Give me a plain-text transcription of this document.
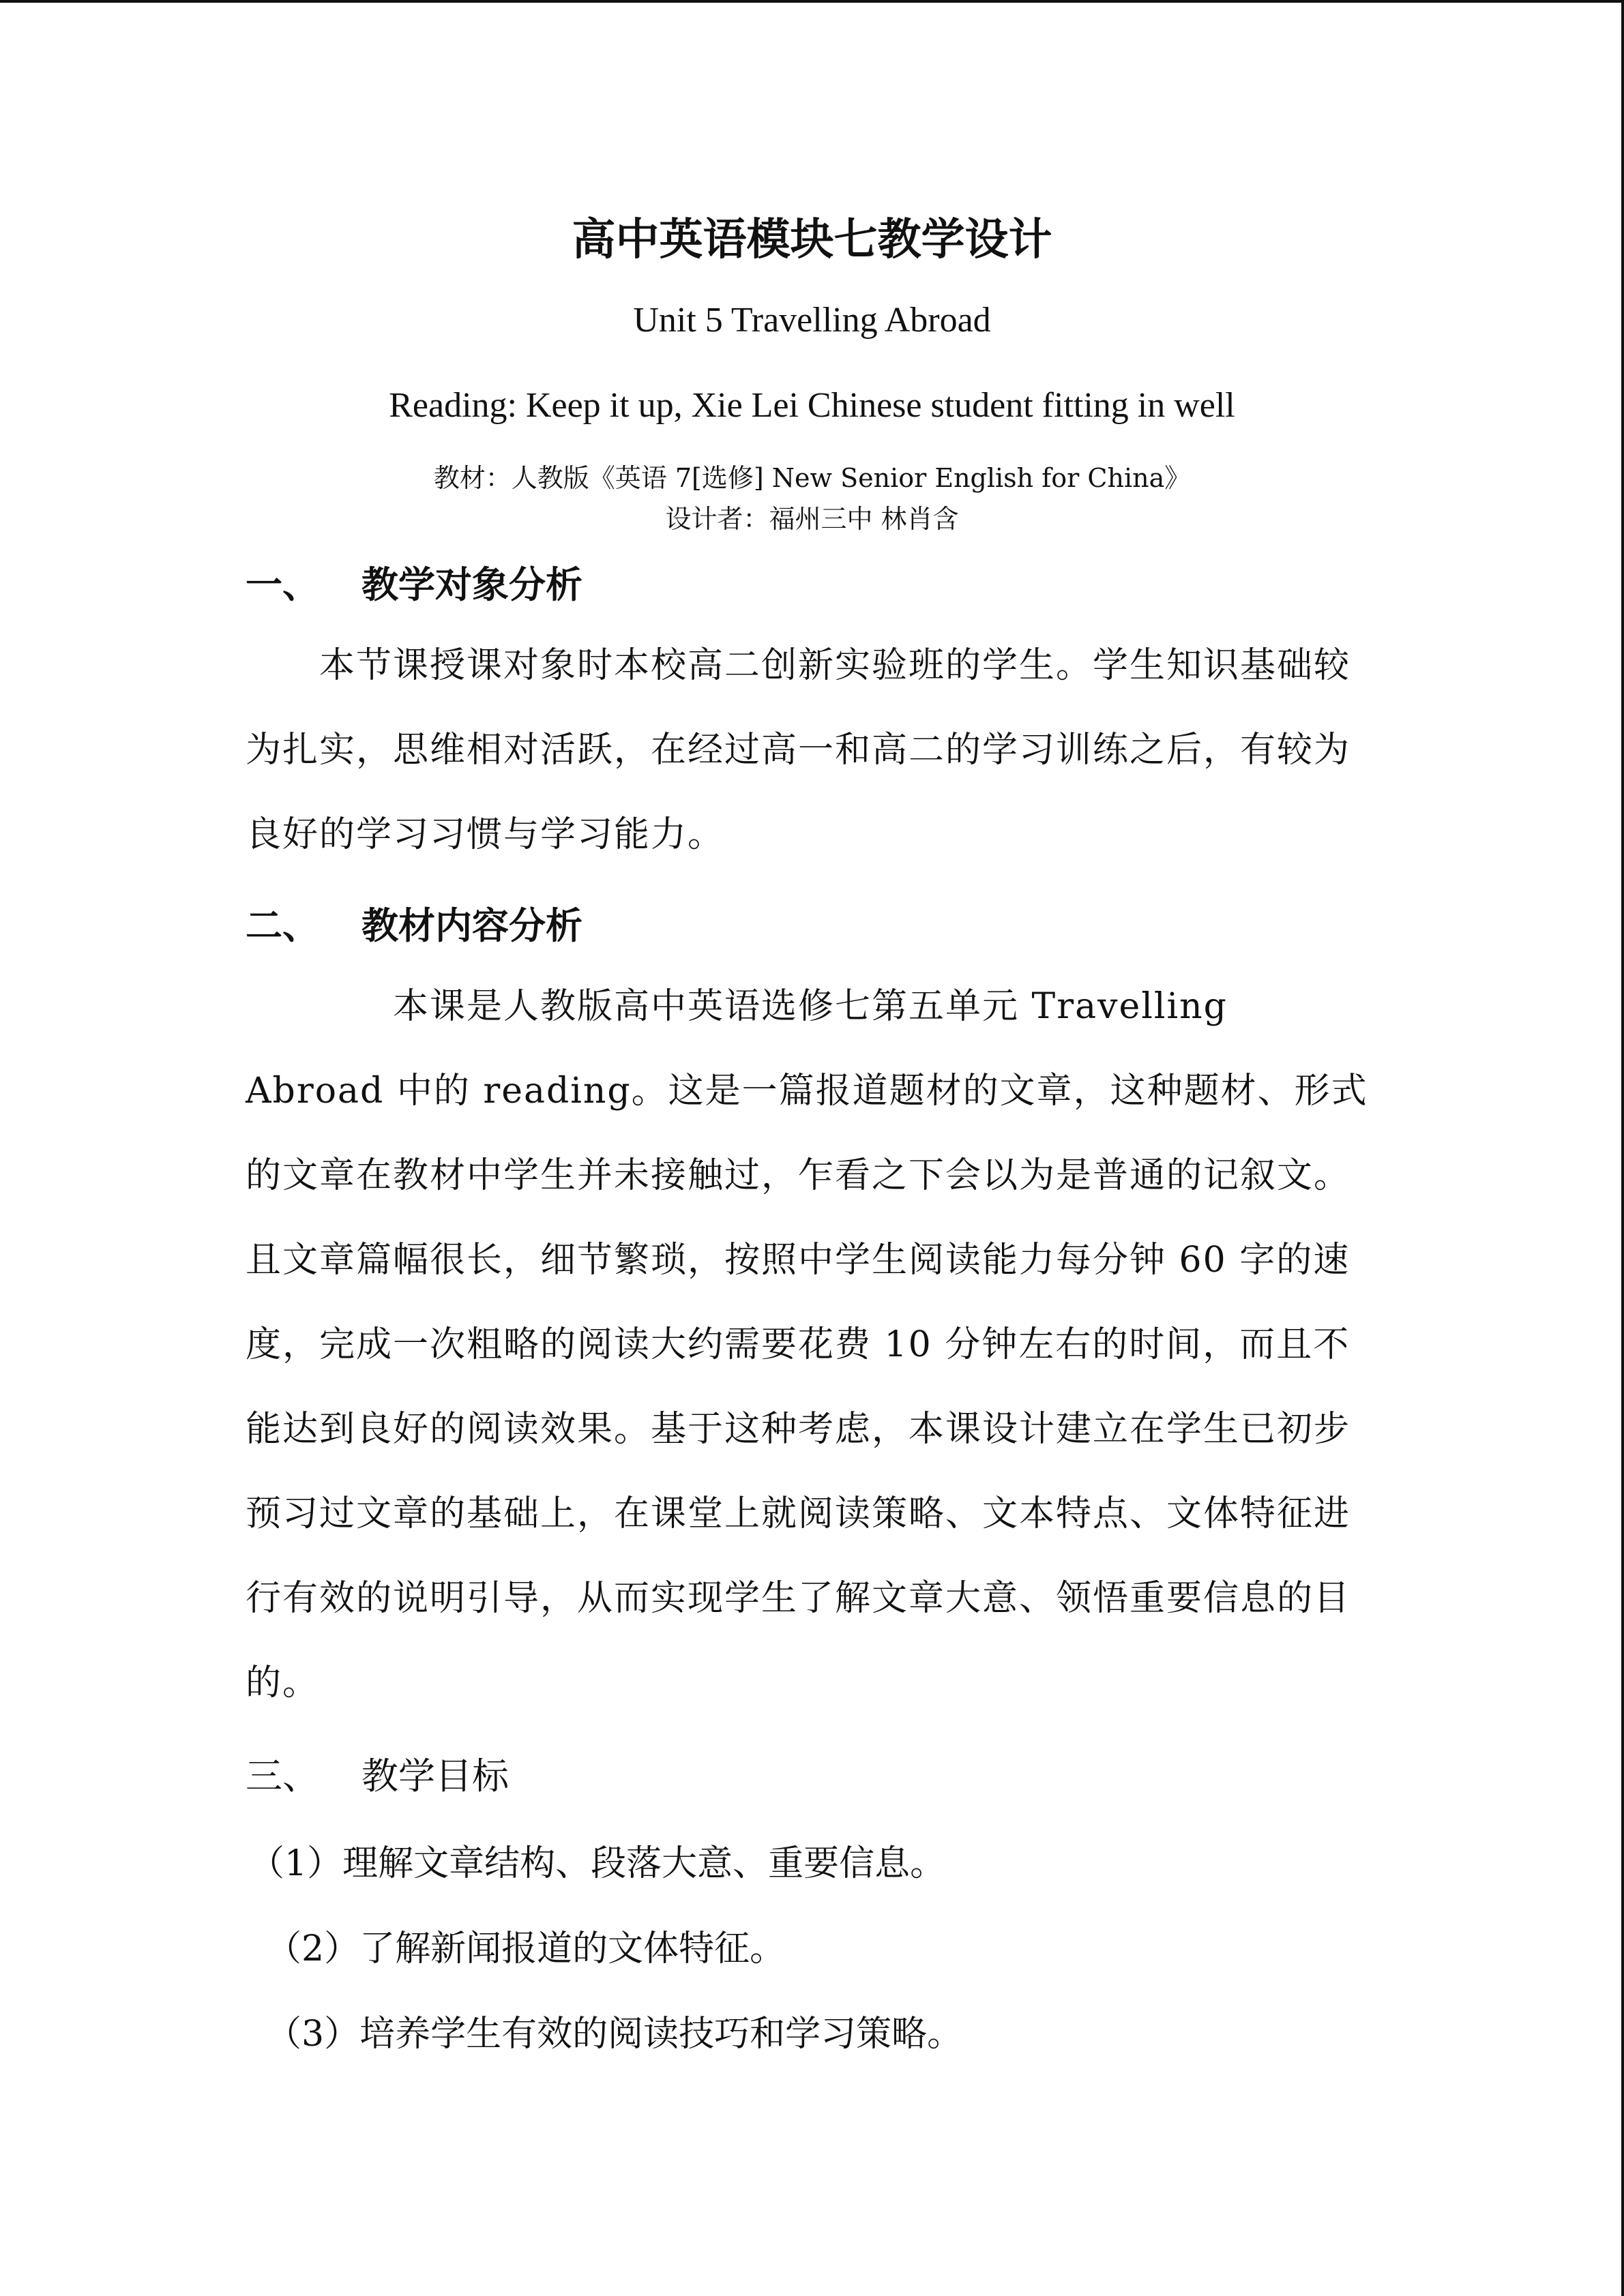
高中英语模块七教学设计

Unit 5 Travelling Abroad

Reading: Keep it up, Xie Lei Chinese student fitting in well

教材：人教版《英语 7[选修] New Senior English for China》

设计者：福州三中 林肖含

一、 教学对象分析

　　本节课授课对象时本校高二创新实验班的学生。学生知识基础较为扎实，思维相对活跃，在经过高一和高二的学习训练之后，有较为良好的学习习惯与学习能力。

二、 教材内容分析

　　　　本课是人教版高中英语选修七第五单元 Travelling Abroad 中的 reading。这是一篇报道题材的文章，这种题材、形式的文章在教材中学生并未接触过，乍看之下会以为是普通的记叙文。且文章篇幅很长，细节繁琐，按照中学生阅读能力每分钟 60 字的速度，完成一次粗略的阅读大约需要花费 10 分钟左右的时间，而且不能达到良好的阅读效果。基于这种考虑，本课设计建立在学生已初步预习过文章的基础上，在课堂上就阅读策略、文本特点、文体特征进行有效的说明引导，从而实现学生了解文章大意、领悟重要信息的目的。

三、 教学目标

（1）理解文章结构、段落大意、重要信息。

（2）了解新闻报道的文体特征。

（3）培养学生有效的阅读技巧和学习策略。
